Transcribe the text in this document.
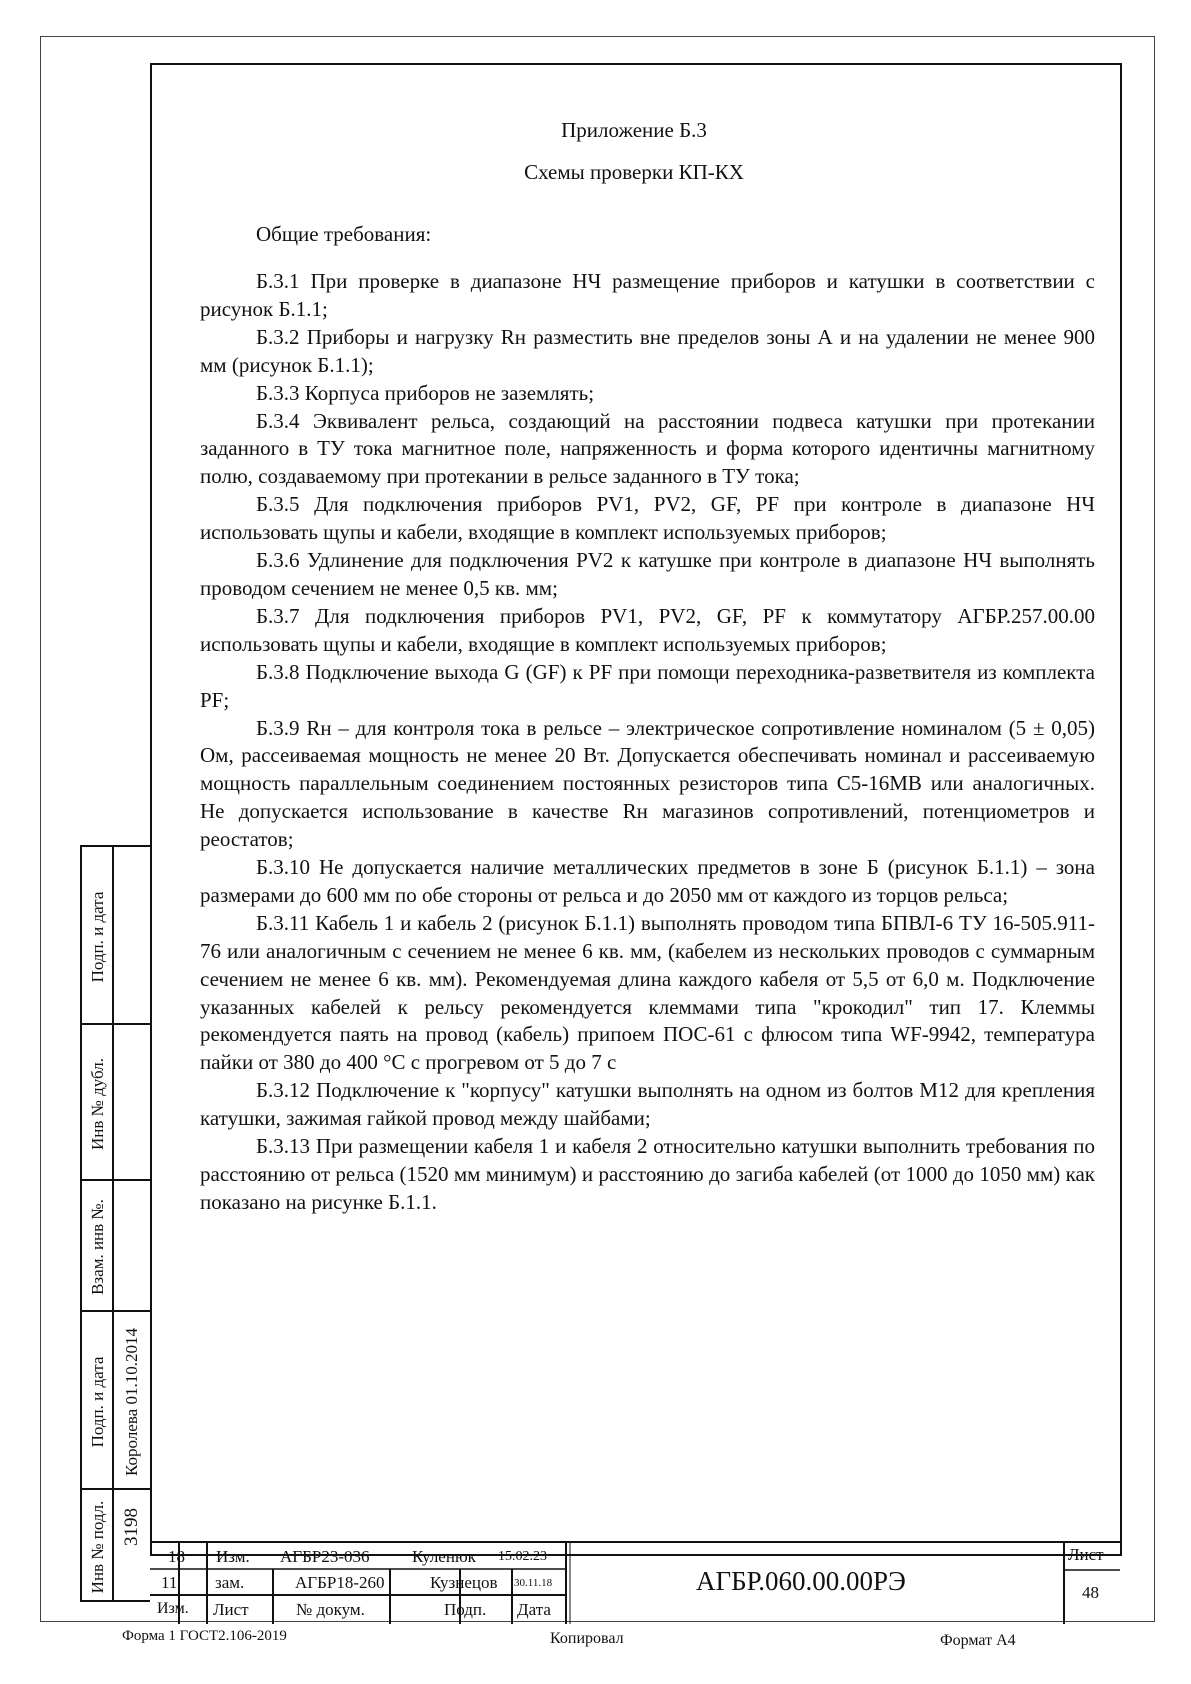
Подп. и дата
Инв № дубл.
Взам. инв №.
Подп. и дата Королева 01.10.2014
Инв № подл. 3198
Приложение Б.3
Схемы проверки КП-КХ
Общие требования:

Б.3.1 При проверке в диапазоне НЧ размещение приборов и катушки в соответствии с рисунок Б.1.1;

Б.3.2 Приборы и нагрузку Rн разместить вне пределов зоны А и на удалении не менее 900 мм (рисунок Б.1.1);

Б.3.3 Корпуса приборов не заземлять;

Б.3.4 Эквивалент рельса, создающий на расстоянии подвеса катушки при протекании заданного в ТУ тока магнитное поле, напряженность и форма которого идентичны магнитному полю, создаваемому при протекании в рельсе заданного в ТУ тока;

Б.3.5 Для подключения приборов PV1, PV2, GF, PF при контроле в диапазоне НЧ использовать щупы и кабели, входящие в комплект используемых приборов;

Б.3.6 Удлинение для подключения PV2 к катушке при контроле в диапазоне НЧ выполнять проводом сечением не менее 0,5 кв. мм;

Б.3.7 Для подключения приборов PV1, PV2, GF, PF к коммутатору АГБР.257.00.00 использовать щупы и кабели, входящие в комплект используемых приборов;

Б.3.8 Подключение выхода G (GF) к PF при помощи переходника-разветвителя из комплекта PF;

Б.3.9 Rн – для контроля тока в рельсе – электрическое сопротивление номиналом (5 ± 0,05) Ом, рассеиваемая мощность не менее 20 Вт. Допускается обеспечивать номинал и рассеиваемую мощность параллельным соединением постоянных резисторов типа С5-16МВ или аналогичных. Не допускается использование в качестве Rн магазинов сопротивлений, потенциометров и реостатов;

Б.3.10 Не допускается наличие металлических предметов в зоне Б (рисунок Б.1.1) – зона размерами до 600 мм по обе стороны от рельса и до 2050 мм от каждого из торцов рельса;

Б.3.11 Кабель 1 и кабель 2 (рисунок Б.1.1) выполнять проводом типа БПВЛ-6 ТУ 16-505.911-76 или аналогичным с сечением не менее 6 кв. мм, (кабелем из нескольких проводов с суммарным сечением не менее 6 кв. мм). Рекомендуемая длина каждого кабеля от 5,5 от 6,0 м. Подключение указанных кабелей к рельсу рекомендуется клеммами типа "крокодил" тип 17. Клеммы рекомендуется паять на провод (кабель) припоем ПОС-61 с флюсом типа WF-9942, температура пайки от 380 до 400 °С с прогревом от 5 до 7 с

Б.3.12 Подключение к "корпусу" катушки выполнять на одном из болтов М12 для крепления катушки, зажимая гайкой провод между шайбами;

Б.3.13 При размещении кабеля 1 и кабеля 2 относительно катушки выполнить требования по расстоянию от рельса (1520 мм минимум) и расстоянию до загиба кабелей (от 1000 до 1050 мм) как показано на рисунке Б.1.1.

18 Изм. АГБР23-036	Куленюк 15.02.23
11 зам.	АГБР18-260	Кузнецов 30.11.18
Изм. Лист	№ докум.	Подп. Дата
АГБР.060.00.00РЭ
Лист
48
Форма 1 ГОСТ2.106-2019	Копировал	Формат А4
